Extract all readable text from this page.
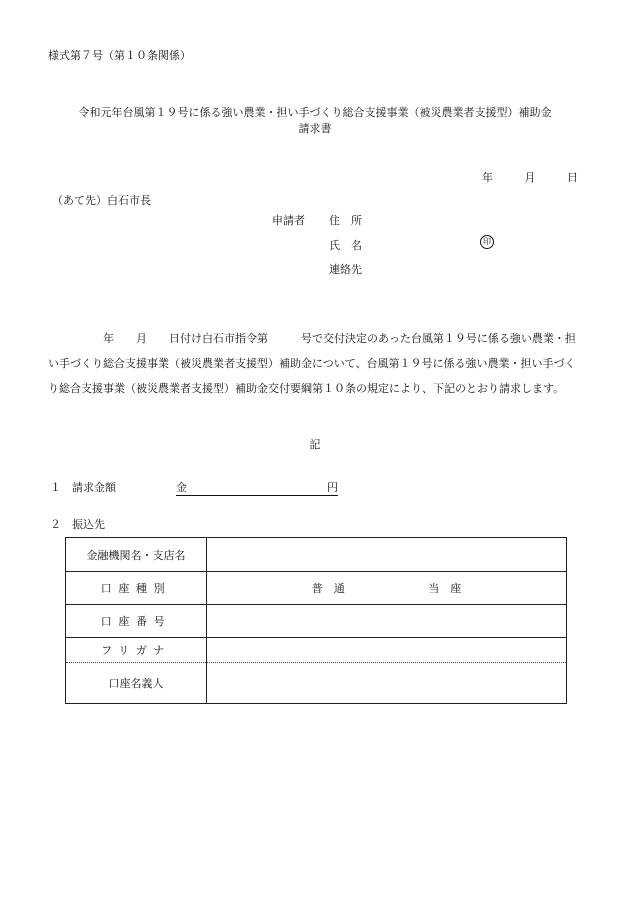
様式第７号（第１０条関係）
令和元年台風第１９号に係る強い農業・担い手づくり総合支援事業（被災農業者支援型）補助金
請求書
年	月	日
（あて先）白石市長
申請者 住　所
氏　名	印
連絡先
　　　　　年　　月　　日付け白石市指令第　　　号で交付決定のあった台風第１９号に係る強い農業・担い手づくり総合支援事業（被災農業者支援型）補助金について、台風第１９号に係る強い農業・担い手づくり総合支援事業（被災農業者支援型）補助金交付要綱第１０条の規定により、下記のとおり請求します。
記
１　請求金額	金	円
２　振込先
金融機関名・支店名	
口座種別	普　通 当　座
口座番号	
フリガナ	
口座名義人	
